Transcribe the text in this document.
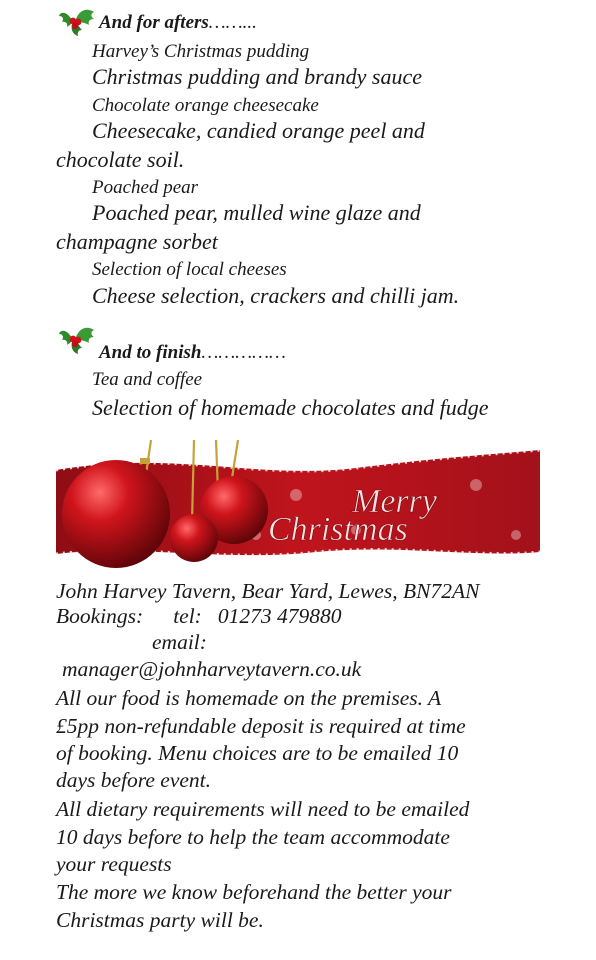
And for afters……...
Harvey’s Christmas pudding
Christmas pudding and brandy sauce
Chocolate orange cheesecake
Cheesecake, candied orange peel and
chocolate soil.
Poached pear
Poached pear, mulled wine glaze and
champagne sorbet
Selection of local cheeses
Cheese selection, crackers and chilli jam.
And to finish……………
Tea and coffee
Selection of homemade chocolates and fudge
Merry
Christmas
John Harvey Tavern, Bear Yard, Lewes, BN72AN
Bookings: tel: 01273 479880
email:
manager@johnharveytavern.co.uk
All our food is homemade on the premises. A
£5pp non-refundable deposit is required at time
of booking. Menu choices are to be emailed 10
days before event.
All dietary requirements will need to be emailed
10 days before to help the team accommodate
your requests
The more we know beforehand the better your
Christmas party will be.
